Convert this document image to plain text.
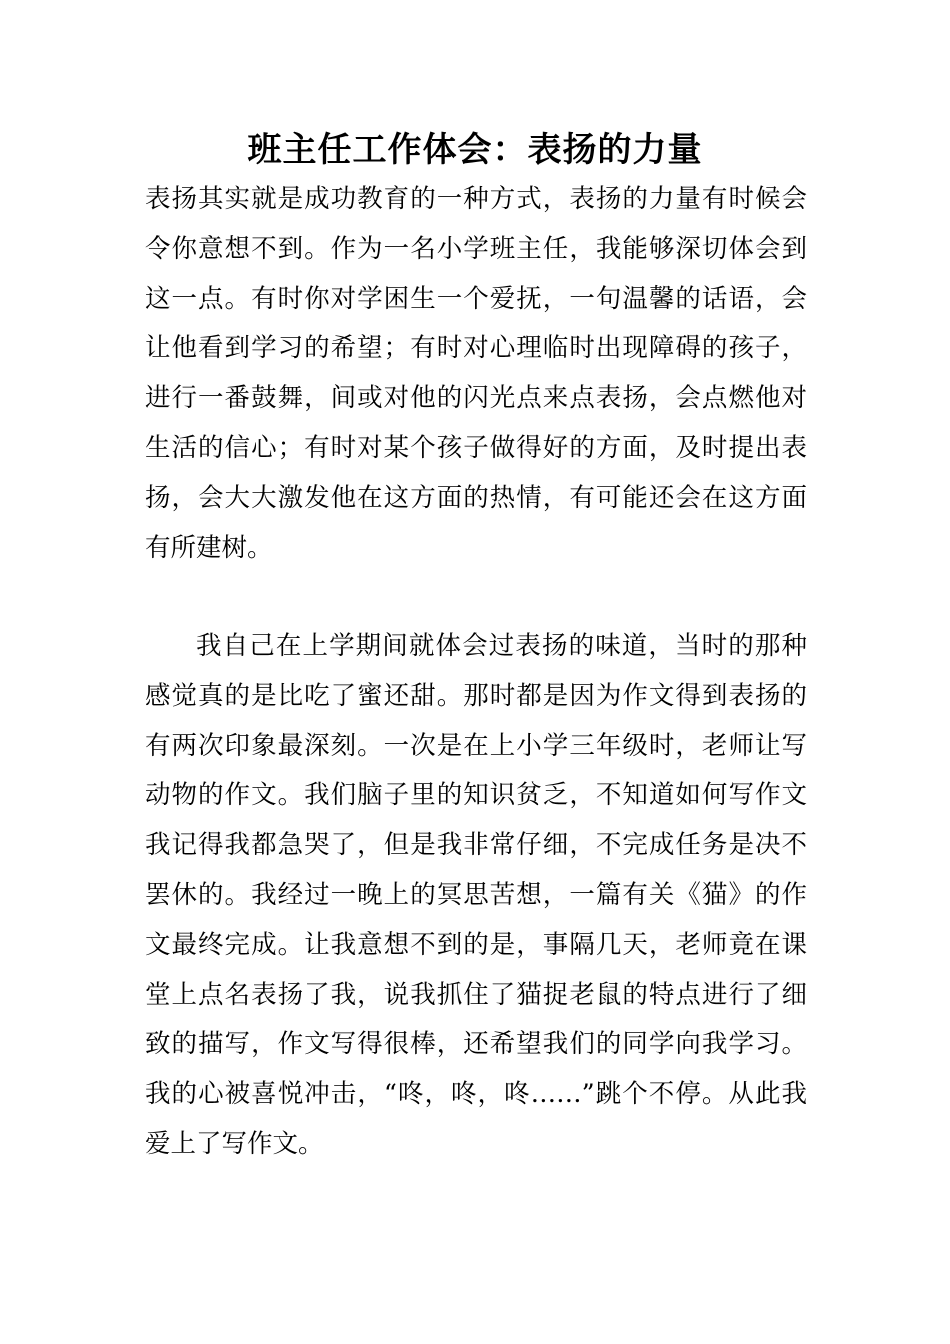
班主任工作体会：表扬的力量

表扬其实就是成功教育的一种方式，表扬的力量有时候会令你意想不到。作为一名小学班主任，我能够深切体会到这一点。有时你对学困生一个爱抚，一句温馨的话语，会让他看到学习的希望；有时对心理临时出现障碍的孩子，进行一番鼓舞，间或对他的闪光点来点表扬，会点燃他对生活的信心；有时对某个孩子做得好的方面，及时提出表扬，会大大激发他在这方面的热情，有可能还会在这方面有所建树。

我自己在上学期间就体会过表扬的味道，当时的那种感觉真的是比吃了蜜还甜。那时都是因为作文得到表扬的有两次印象最深刻。一次是在上小学三年级时，老师让写动物的作文。我们脑子里的知识贫乏，不知道如何写作文我记得我都急哭了，但是我非常仔细，不完成任务是决不罢休的。我经过一晚上的冥思苦想，一篇有关《猫》的作文最终完成。让我意想不到的是，事隔几天，老师竟在课堂上点名表扬了我，说我抓住了猫捉老鼠的特点进行了细致的描写，作文写得很棒，还希望我们的同学向我学习。我的心被喜悦冲击，“咚，咚，咚……”跳个不停。从此我爱上了写作文。
